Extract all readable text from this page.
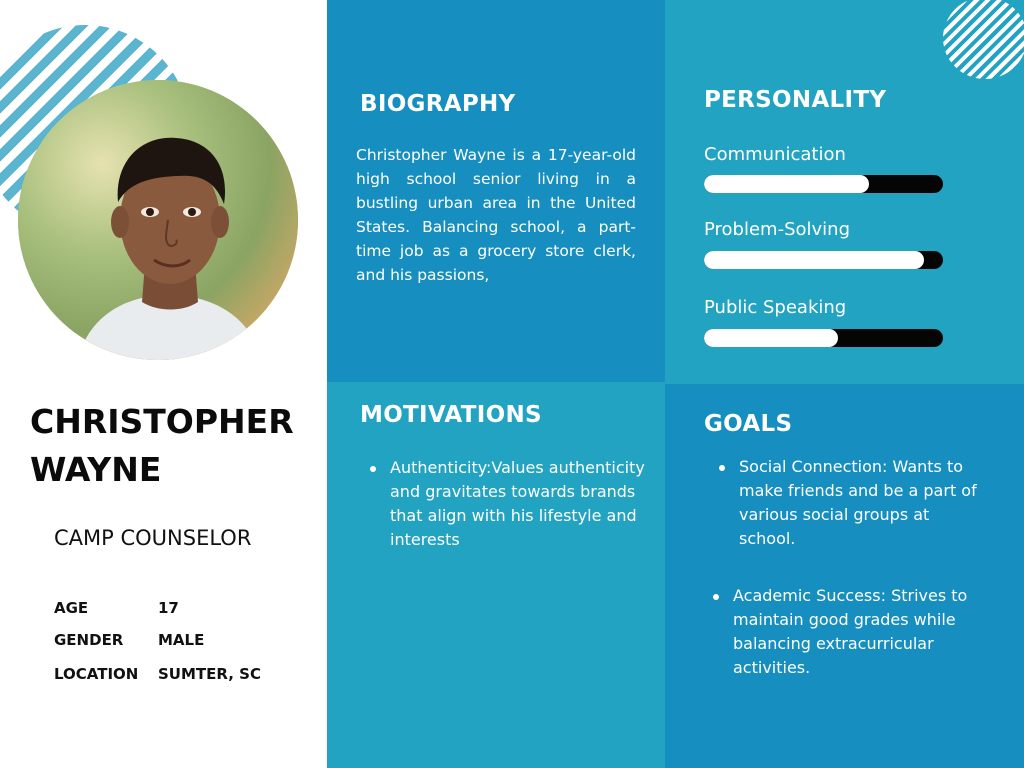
CHRISTOPHER WAYNE
CAMP COUNSELOR
AGE	17
GENDER	MALE
LOCATION	SUMTER, SC
BIOGRAPHY
Christopher Wayne is a 17-year-old high school senior living in a bustling urban area in the United States. Balancing school, a part-time job as a grocery store clerk, and his passions,
PERSONALITY
Communication
Problem-Solving
Public Speaking
MOTIVATIONS
Authenticity:Values authenticity and gravitates towards brands that align with his lifestyle and interests
GOALS
Social Connection: Wants to make friends and be a part of various social groups at school.
Academic Success: Strives to maintain good grades while balancing extracurricular activities.
